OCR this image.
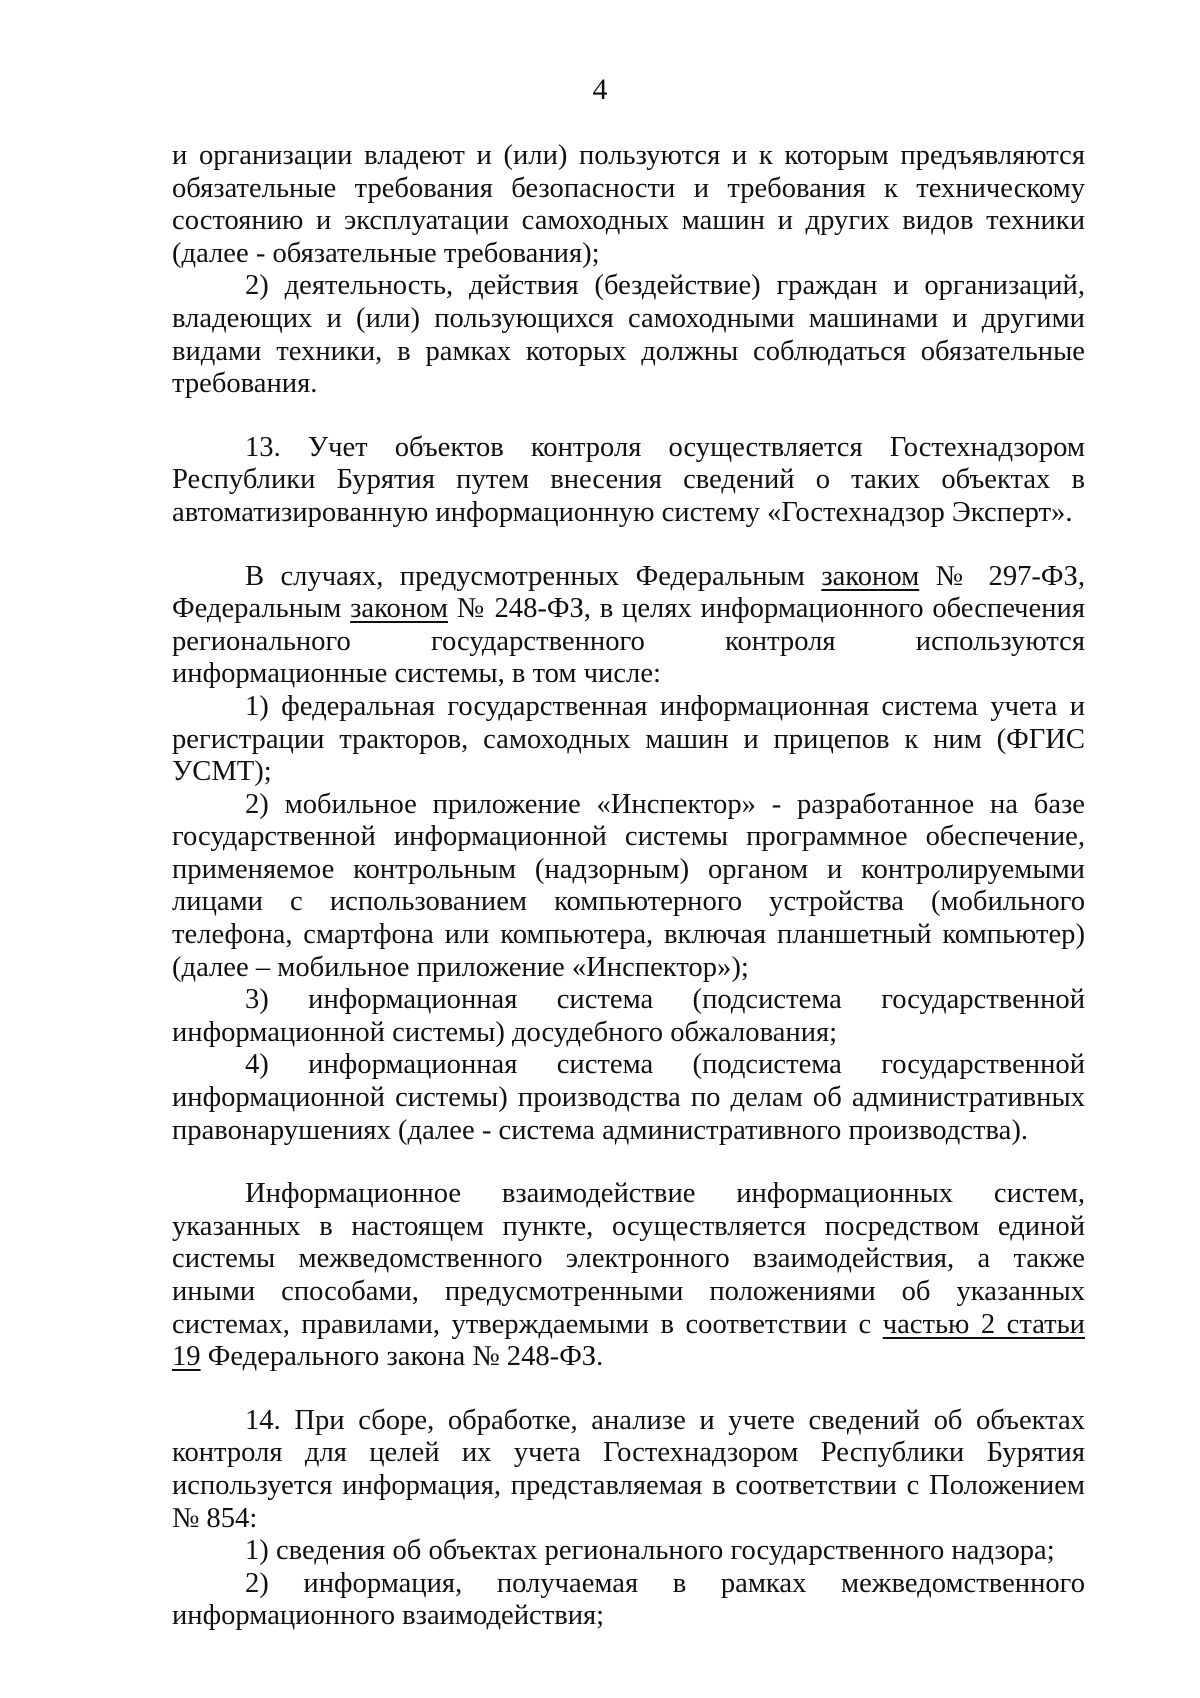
4

и организации владеют и (или) пользуются и к которым предъявляются обязательные требования безопасности и требования к техническому состоянию и эксплуатации самоходных машин и других видов техники (далее - обязательные требования);

2) деятельность, действия (бездействие) граждан и организаций, владеющих и (или) пользующихся самоходными машинами и другими видами техники, в рамках которых должны соблюдаться обязательные требования.

13. Учет объектов контроля осуществляется Гостехнадзором Республики Бурятия путем внесения сведений о таких объектах в автоматизированную информационную систему «Гостехнадзор Эксперт».

В случаях, предусмотренных Федеральным законом № 297-ФЗ, Федеральным законом № 248-ФЗ, в целях информационного обеспечения регионального государственного контроля используются информационные системы, в том числе:

1) федеральная государственная информационная система учета и регистрации тракторов, самоходных машин и прицепов к ним (ФГИС УСМТ);

2) мобильное приложение «Инспектор» - разработанное на базе государственной информационной системы программное обеспечение, применяемое контрольным (надзорным) органом и контролируемыми лицами с использованием компьютерного устройства (мобильного телефона, смартфона или компьютера, включая планшетный компьютер) (далее – мобильное приложение «Инспектор»);

3) информационная система (подсистема государственной информационной системы) досудебного обжалования;

4) информационная система (подсистема государственной информационной системы) производства по делам об административных правонарушениях (далее - система административного производства).

Информационное взаимодействие информационных систем, указанных в настоящем пункте, осуществляется посредством единой системы межведомственного электронного взаимодействия, а также иными способами, предусмотренными положениями об указанных системах, правилами, утверждаемыми в соответствии с частью 2 статьи 19 Федерального закона № 248-ФЗ.

14. При сборе, обработке, анализе и учете сведений об объектах контроля для целей их учета Гостехнадзором Республики Бурятия используется информация, представляемая в соответствии с Положением № 854:

1) сведения об объектах регионального государственного надзора;

2) информация, получаемая в рамках межведомственного информационного взаимодействия;
